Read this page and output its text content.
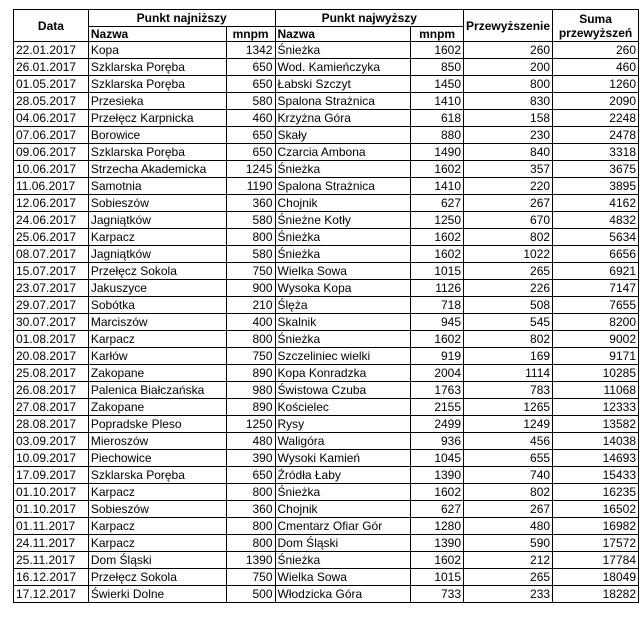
Data	Punkt najniższy		Punkt najwyższy		Przewyższenie	Suma przewyższeń
	Nazwa	mnpm	Nazwa	mnpm		
22.01.2017	Kopa	1342	Śnieżka	1602	260	260
26.01.2017	Szklarska Poręba	650	Wod. Kamieńczyka	850	200	460
01.05.2017	Szklarska Poręba	650	Łabski Szczyt	1450	800	1260
28.05.2017	Przesieka	580	Spalona Strażnica	1410	830	2090
04.06.2017	Przełęcz Karpnicka	460	Krzyżna Góra	618	158	2248
07.06.2017	Borowice	650	Skały	880	230	2478
09.06.2017	Szklarska Poręba	650	Czarcia Ambona	1490	840	3318
10.06.2017	Strzecha Akademicka	1245	Śnieżka	1602	357	3675
11.06.2017	Samotnia	1190	Spalona Strażnica	1410	220	3895
12.06.2017	Sobieszów	360	Chojnik	627	267	4162
24.06.2017	Jagniątków	580	Śnieżne Kotły	1250	670	4832
25.06.2017	Karpacz	800	Śnieżka	1602	802	5634
08.07.2017	Jagniątków	580	Śnieżka	1602	1022	6656
15.07.2017	Przełęcz Sokola	750	Wielka Sowa	1015	265	6921
23.07.2017	Jakuszyce	900	Wysoka Kopa	1126	226	7147
29.07.2017	Sobótka	210	Ślęża	718	508	7655
30.07.2017	Marciszów	400	Skalnik	945	545	8200
01.08.2017	Karpacz	800	Śnieżka	1602	802	9002
20.08.2017	Karłów	750	Szczeliniec wielki	919	169	9171
25.08.2017	Zakopane	890	Kopa Konradzka	2004	1114	10285
26.08.2017	Palenica Białczańska	980	Świstowa Czuba	1763	783	11068
27.08.2017	Zakopane	890	Kościelec	2155	1265	12333
28.08.2017	Popradske Pleso	1250	Rysy	2499	1249	13582
03.09.2017	Mieroszów	480	Waligóra	936	456	14038
10.09.2017	Piechowice	390	Wysoki Kamień	1045	655	14693
17.09.2017	Szklarska Poręba	650	Źródła Łaby	1390	740	15433
01.10.2017	Karpacz	800	Śnieżka	1602	802	16235
01.10.2017	Sobieszów	360	Chojnik	627	267	16502
01.11.2017	Karpacz	800	Cmentarz Ofiar Gór	1280	480	16982
24.11.2017	Karpacz	800	Dom Śląski	1390	590	17572
25.11.2017	Dom Śląski	1390	Śnieżka	1602	212	17784
16.12.2017	Przełęcz Sokola	750	Wielka Sowa	1015	265	18049
17.12.2017	Świerki Dolne	500	Włodzicka Góra	733	233	18282
